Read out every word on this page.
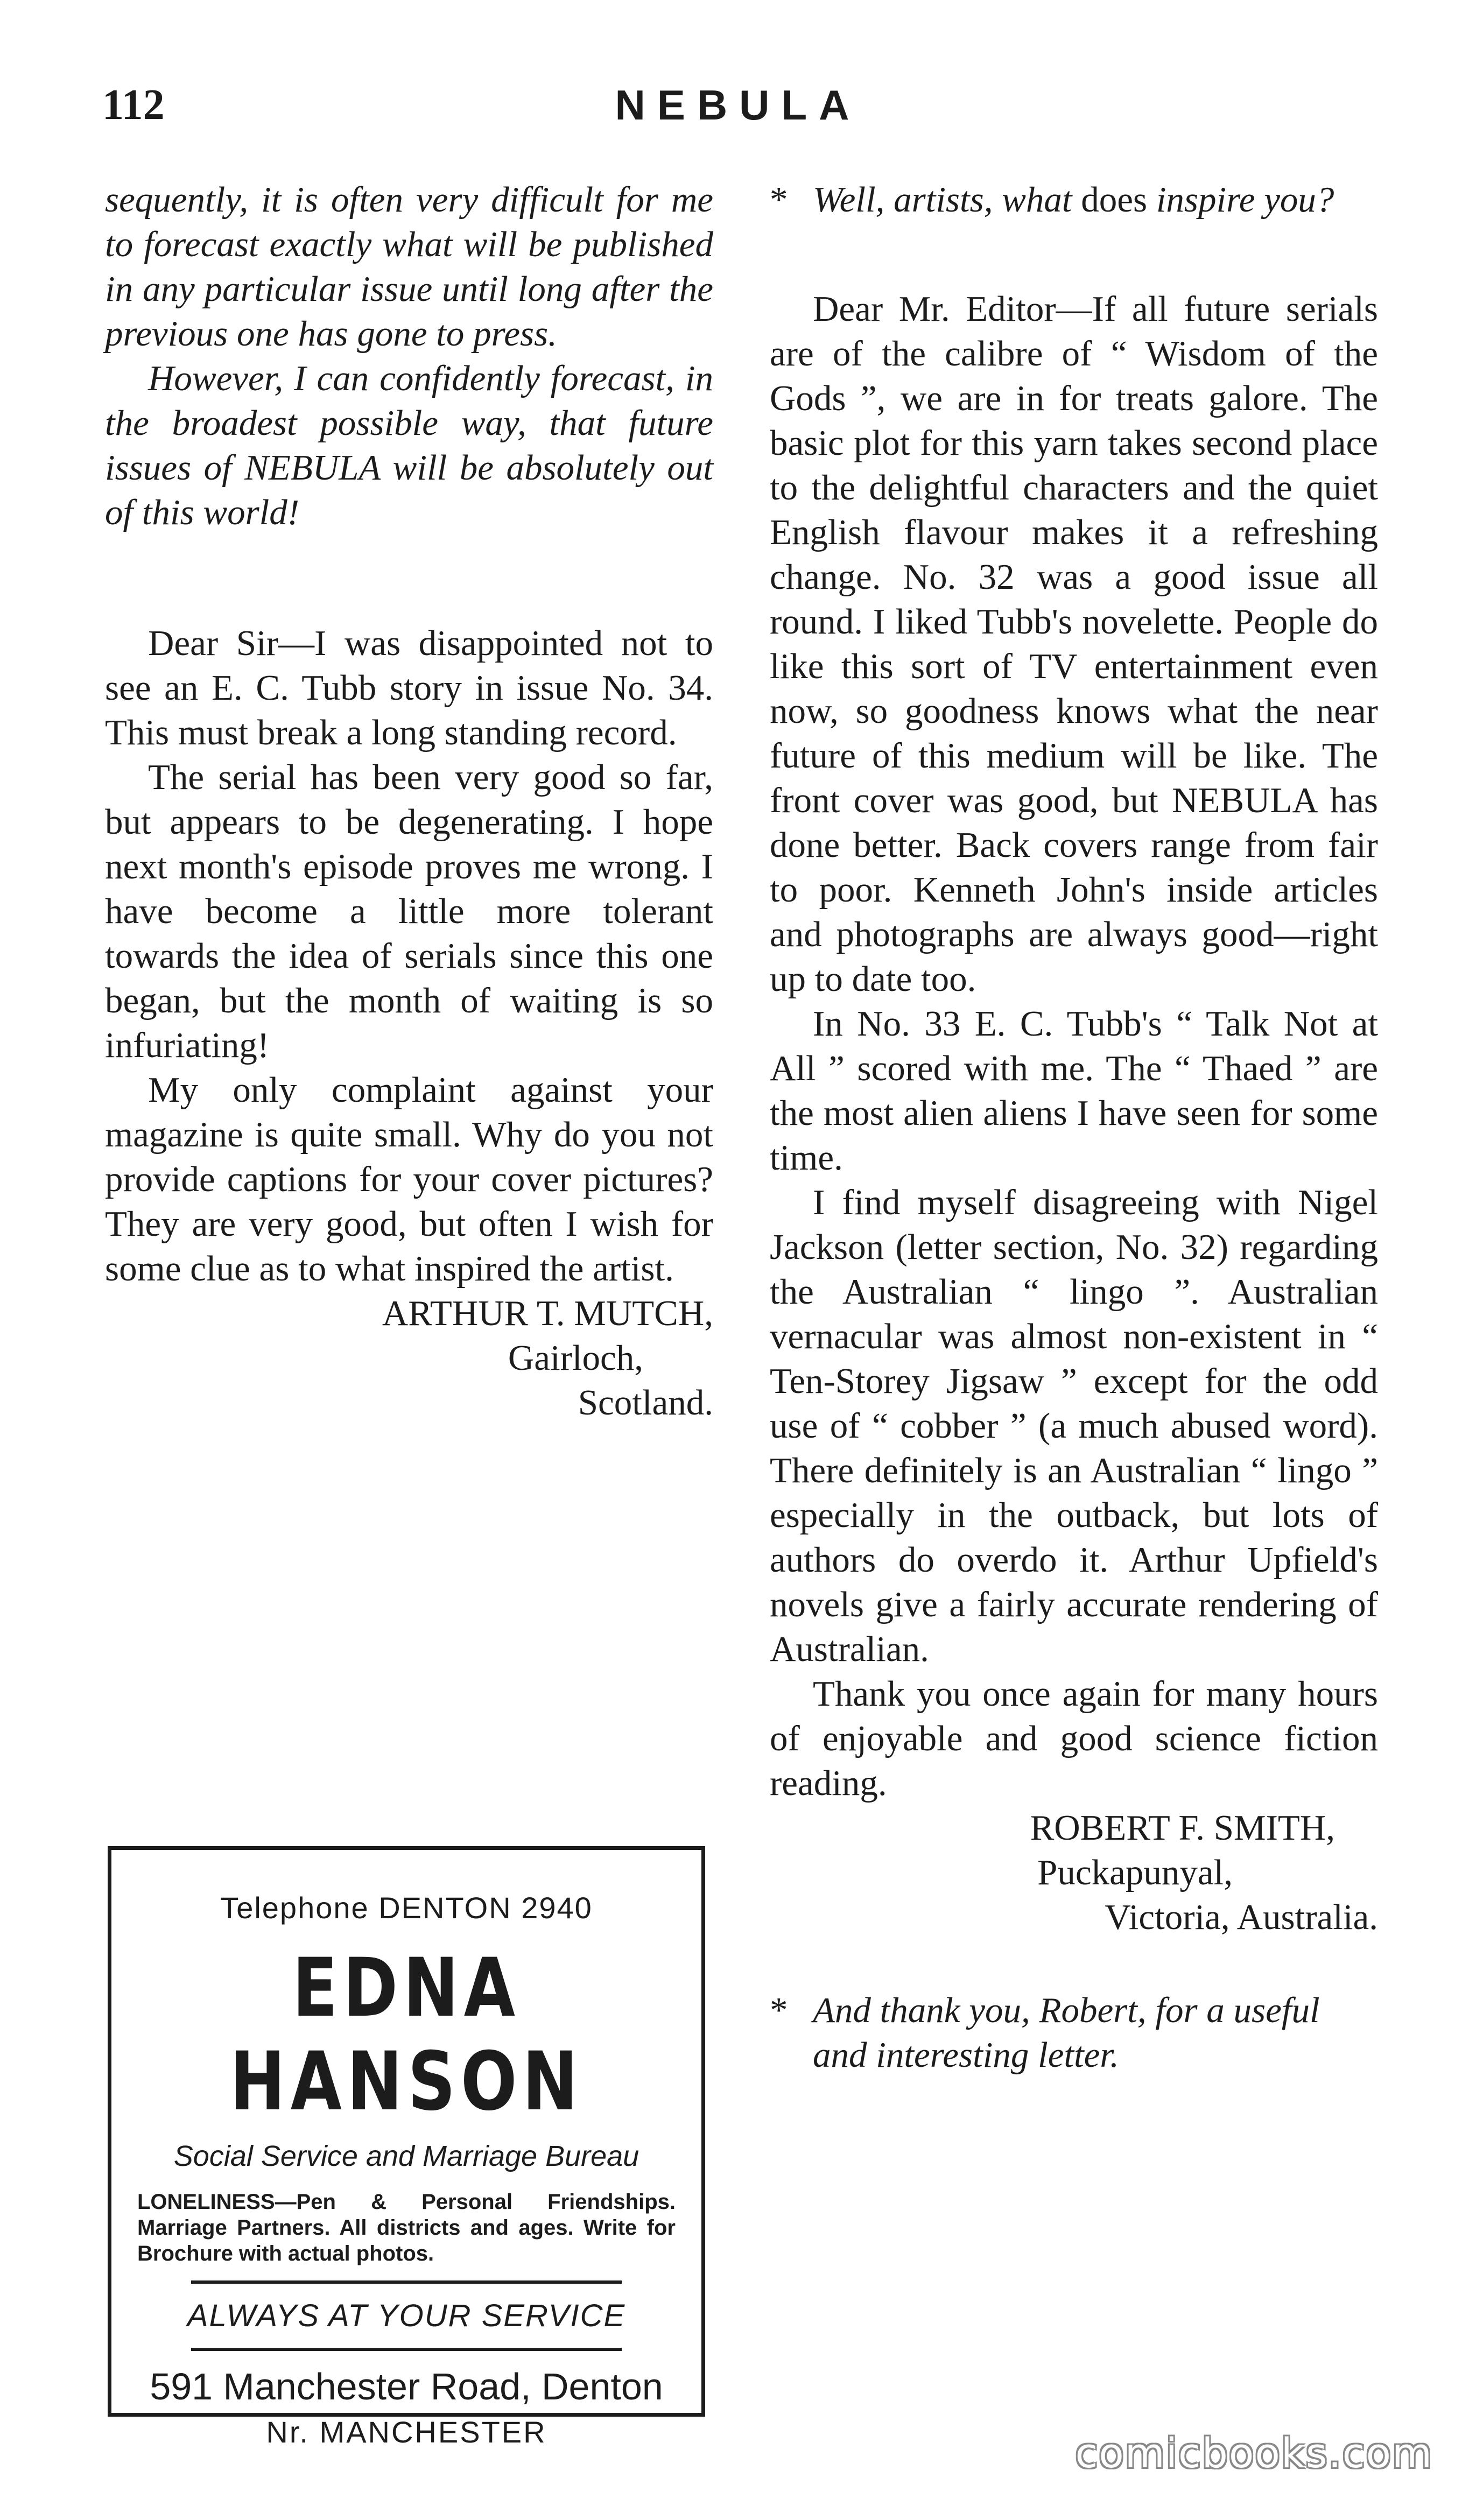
112	NEBULA

sequently, it is often very difficult for me to forecast exactly what will be published in any particular issue until long after the previous one has gone to press.

However, I can confidently forecast, in the broadest possible way, that future issues of NEBULA will be absolutely out of this world!

Dear Sir—I was disappointed not to see an E. C. Tubb story in issue No. 34. This must break a long standing record.

The serial has been very good so far, but appears to be degenerating. I hope next month's episode proves me wrong. I have become a little more tolerant towards the idea of serials since this one began, but the month of waiting is so infuriating!

My only complaint against your magazine is quite small. Why do you not provide captions for your cover pictures? They are very good, but often I wish for some clue as to what inspired the artist.

ARTHUR T. MUTCH,
Gairloch,
Scotland.
* Well, artists, what does inspire you?

Dear Mr. Editor—If all future serials are of the calibre of “ Wisdom of the Gods ”, we are in for treats galore. The basic plot for this yarn takes second place to the delightful characters and the quiet English flavour makes it a refreshing change. No. 32 was a good issue all round. I liked Tubb's novelette. People do like this sort of TV entertainment even now, so goodness knows what the near future of this medium will be like. The front cover was good, but NEBULA has done better. Back covers range from fair to poor. Kenneth John's inside articles and photographs are always good—right up to date too.

In No. 33 E. C. Tubb's “ Talk Not at All ” scored with me. The “ Thaed ” are the most alien aliens I have seen for some time.

I find myself disagreeing with Nigel Jackson (letter section, No. 32) regarding the Australian “ lingo ”. Australian vernacular was almost non-existent in “ Ten-Storey Jigsaw ” except for the odd use of “ cobber ” (a much abused word). There definitely is an Australian “ lingo ” especially in the outback, but lots of authors do overdo it. Arthur Upfield's novels give a fairly accurate rendering of Australian.

Thank you once again for many hours of enjoyable and good science fiction reading.

ROBERT F. SMITH,
Puckapunyal,
Victoria, Australia.
* And thank you, Robert, for a useful and interesting letter.
Telephone DENTON 2940
EDNA HANSON
Social Service and Marriage Bureau
LONELINESS—Pen & Personal Friendships. Marriage Partners. All districts and ages. Write for Brochure with actual photos.
ALWAYS AT YOUR SERVICE
591 Manchester Road, Denton
Nr. MANCHESTER	comicbooks.com
